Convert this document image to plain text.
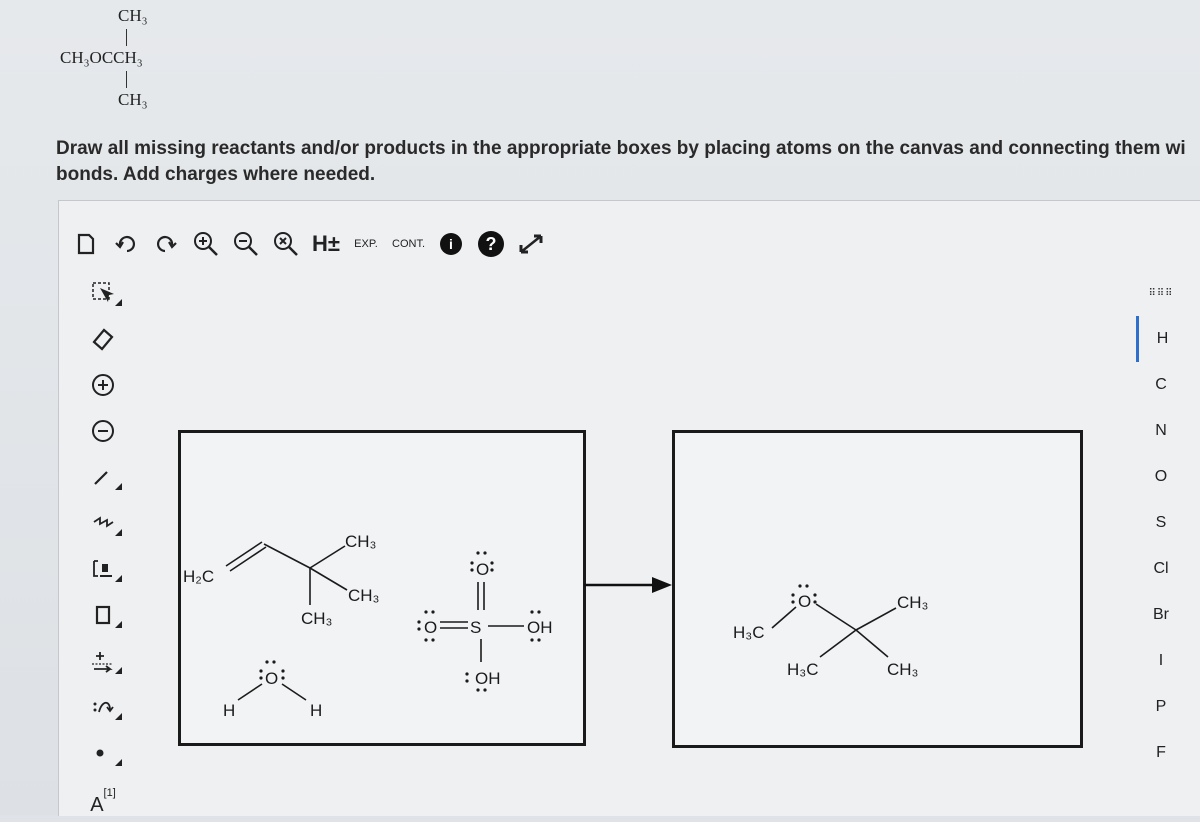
CH₃
CH₃OCCH₃
CH₃
Draw all missing reactants and/or products in the appropriate boxes by placing atoms on the canvas and connecting them wi bonds. Add charges where needed.
H± EXP. CONT.	i	?
A
[1]
⠿⠿⠿
H
C
N
O
S
Cl
Br
I
P
F
H₂C
CH₃
CH₃
CH₃
O
H	H
O
O S	OH
OH
H₃C
O	CH₃
H₃C	CH₃
